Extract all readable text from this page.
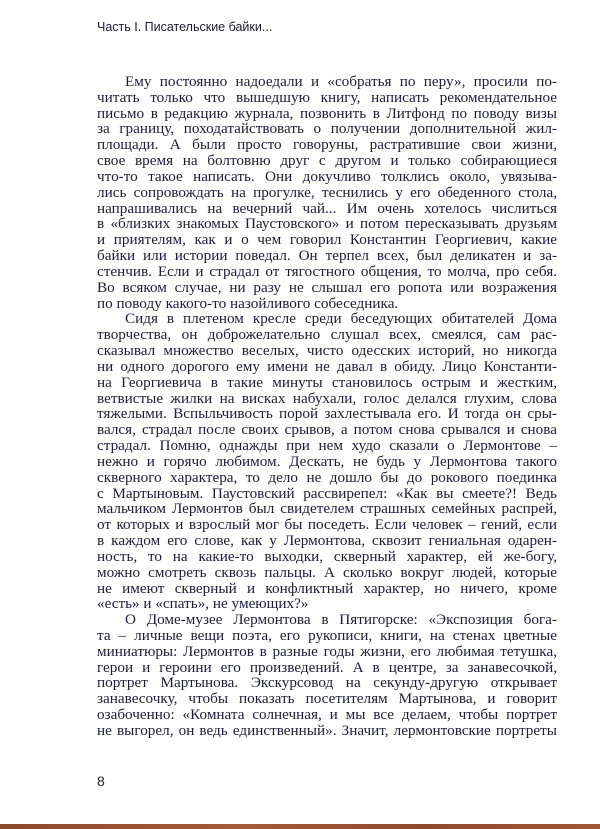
Часть I. Писательские байки...
Ему постоянно надоедали и «собратья по перу», просили по-
читать только что вышедшую книгу, написать рекомендательное
письмо в редакцию журнала, позвонить в Литфонд по поводу визы
за границу, походатайствовать о получении дополнительной жил-
площади. А были просто говоруны, растратившие свои жизни,
свое время на болтовню друг с другом и только собирающиеся
что-то такое написать. Они докучливо толклись около, увязыва-
лись сопровождать на прогулке, теснились у его обеденного стола,
напрашивались на вечерний чай... Им очень хотелось числиться
в «близких знакомых Паустовского» и потом пересказывать друзьям
и приятелям, как и о чем говорил Константин Георгиевич, какие
байки или истории поведал. Он терпел всех, был деликатен и за-
стенчив. Если и страдал от тягостного общения, то молча, про себя.
Во всяком случае, ни разу не слышал его ропота или возражения
по поводу какого-то назойливого собеседника.
Сидя в плетеном кресле среди беседующих обитателей Дома
творчества, он доброжелательно слушал всех, смеялся, сам рас-
сказывал множество веселых, чисто одесских историй, но никогда
ни одного дорогого ему имени не давал в обиду. Лицо Константи-
на Георгиевича в такие минуты становилось острым и жестким,
ветвистые жилки на висках набухали, голос делался глухим, слова
тяжелыми. Вспыльчивость порой захлестывала его. И тогда он сры-
вался, страдал после своих срывов, а потом снова срывался и снова
страдал. Помню, однажды при нем худо сказали о Лермонтове –
нежно и горячо любимом. Дескать, не будь у Лермонтова такого
скверного характера, то дело не дошло бы до рокового поединка
с Мартыновым. Паустовский рассвирепел: «Как вы смеете?! Ведь
мальчиком Лермонтов был свидетелем страшных семейных распрей,
от которых и взрослый мог бы поседеть. Если человек – гений, если
в каждом его слове, как у Лермонтова, сквозит гениальная одарен-
ность, то на какие-то выходки, скверный характер, ей же-богу,
можно смотреть сквозь пальцы. А сколько вокруг людей, которые
не имеют скверный и конфликтный характер, но ничего, кроме
«есть» и «спать», не умеющих?»
О Доме-музее Лермонтова в Пятигорске: «Экспозиция бога-
та – личные вещи поэта, его рукописи, книги, на стенах цветные
миниатюры: Лермонтов в разные годы жизни, его любимая тетушка,
герои и героини его произведений. А в центре, за занавесочкой,
портрет Мартынова. Экскурсовод на секунду-другую открывает
занавесочку, чтобы показать посетителям Мартынова, и говорит
озабоченно: «Комната солнечная, и мы все делаем, чтобы портрет
не выгорел, он ведь единственный». Значит, лермонтовские портреты
8
